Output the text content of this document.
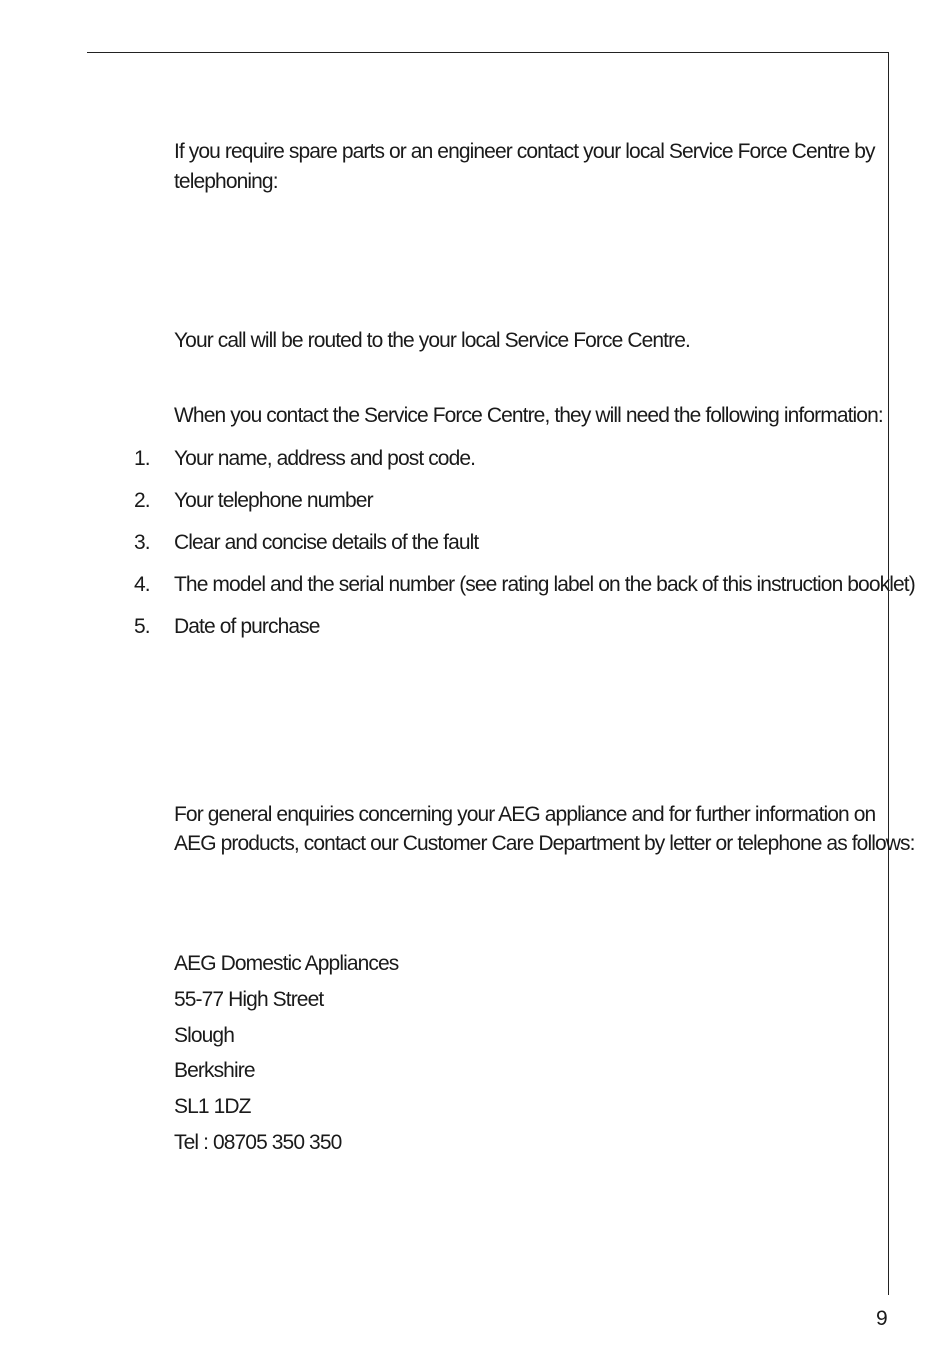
If you require spare parts or an engineer contact your local Service Force Centre by
telephoning:
Your call will be routed to the your local Service Force Centre.
When you contact the Service Force Centre, they will need the following information:
1. Your name, address and post code.
2. Your telephone number
3. Clear and concise details of the fault
4. The model and the serial number (see rating label on the back of this instruction booklet)
5. Date of purchase
For general enquiries concerning your AEG appliance and for further information on
AEG products, contact our Customer Care Department by letter or telephone as follows:
AEG Domestic Appliances
55-77 High Street
Slough
Berkshire
SL1 1DZ
Tel : 08705 350 350
9
